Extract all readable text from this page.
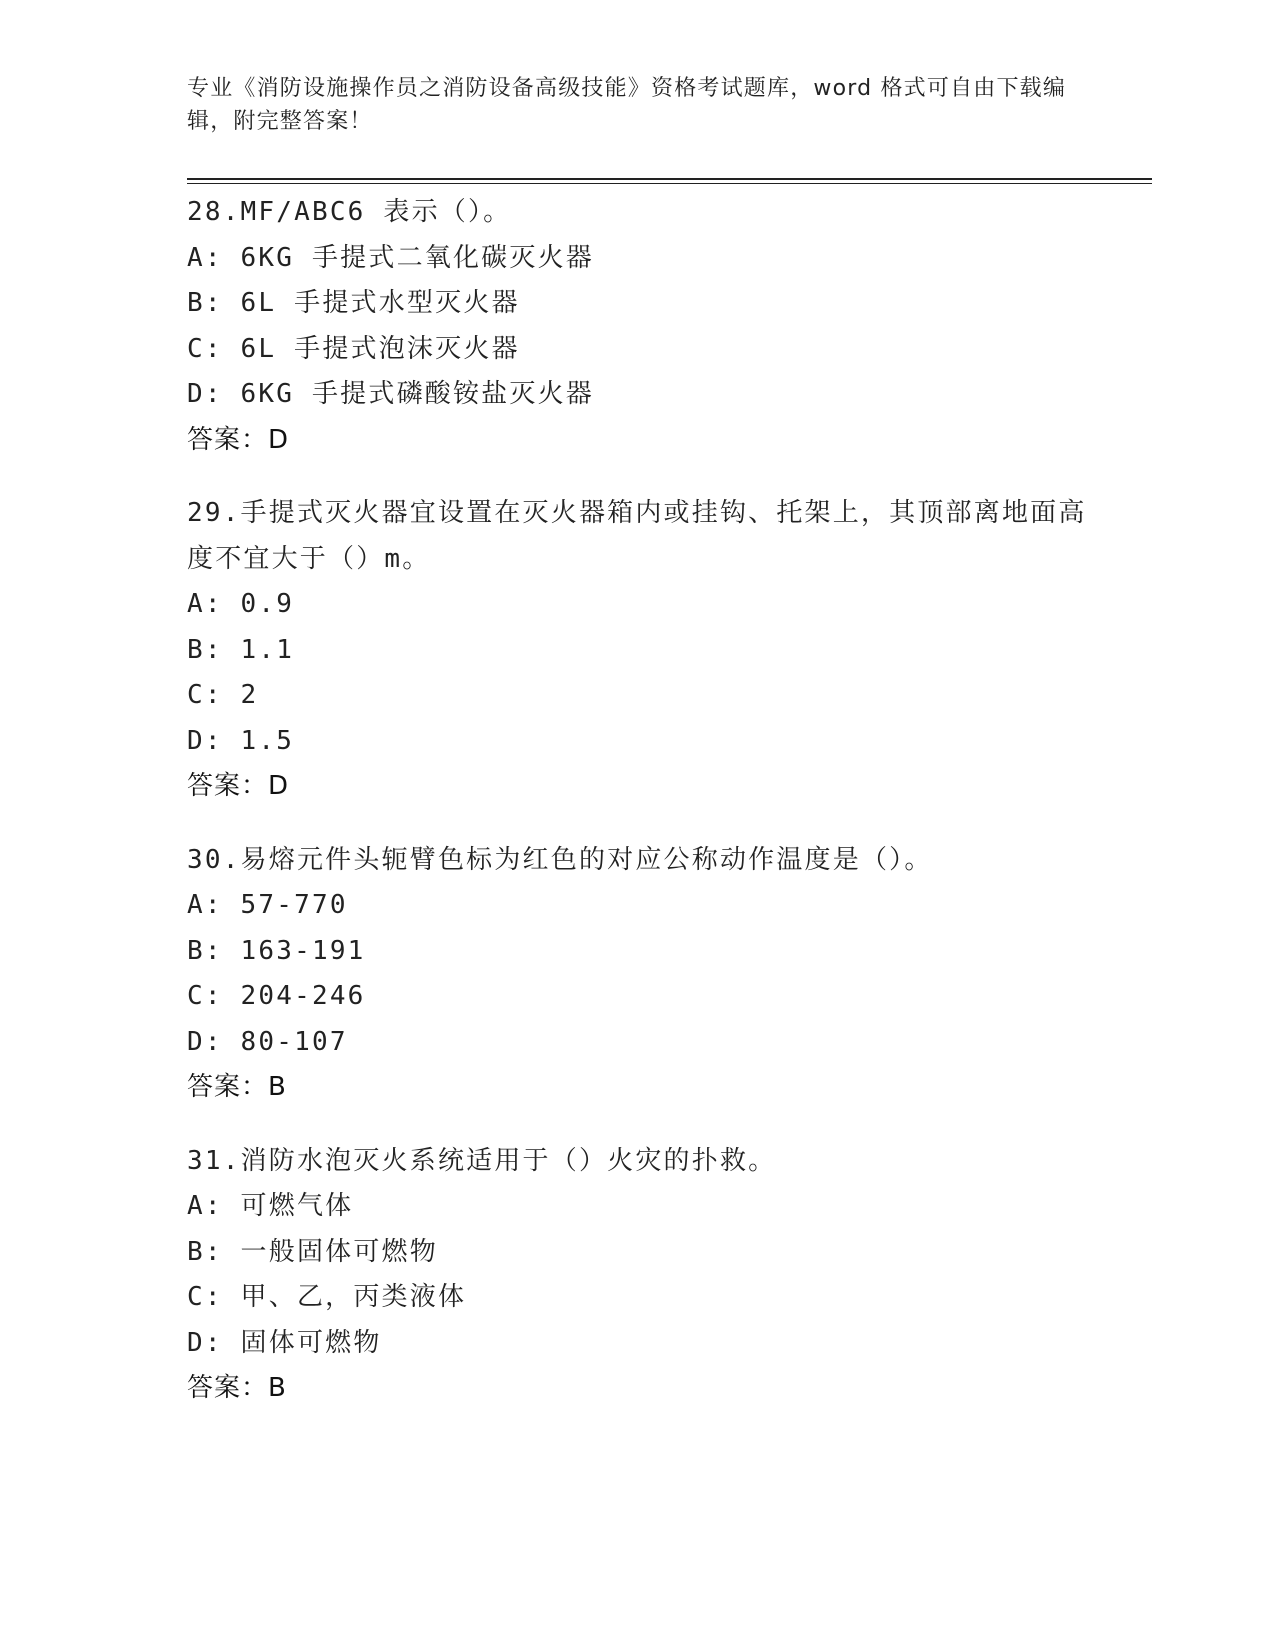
专业《消防设施操作员之消防设备高级技能》资格考试题库，word 格式可自由下载编辑，附完整答案！

28.MF/ABC6 表示（）。

A: 6KG 手提式二氧化碳灭火器

B: 6L 手提式水型灭火器

C: 6L 手提式泡沫灭火器

D: 6KG 手提式磷酸铵盐灭火器

答案：D

29.手提式灭火器宜设置在灭火器箱内或挂钩、托架上，其顶部离地面高度不宜大于（）m。

A: 0.9

B: 1.1

C: 2

D: 1.5

答案：D

30.易熔元件头轭臂色标为红色的对应公称动作温度是（）。

A: 57-770

B: 163-191

C: 204-246

D: 80-107

答案：B

31.消防水泡灭火系统适用于（）火灾的扑救。

A: 可燃气体

B: 一般固体可燃物

C: 甲、乙，丙类液体

D: 固体可燃物

答案：B
